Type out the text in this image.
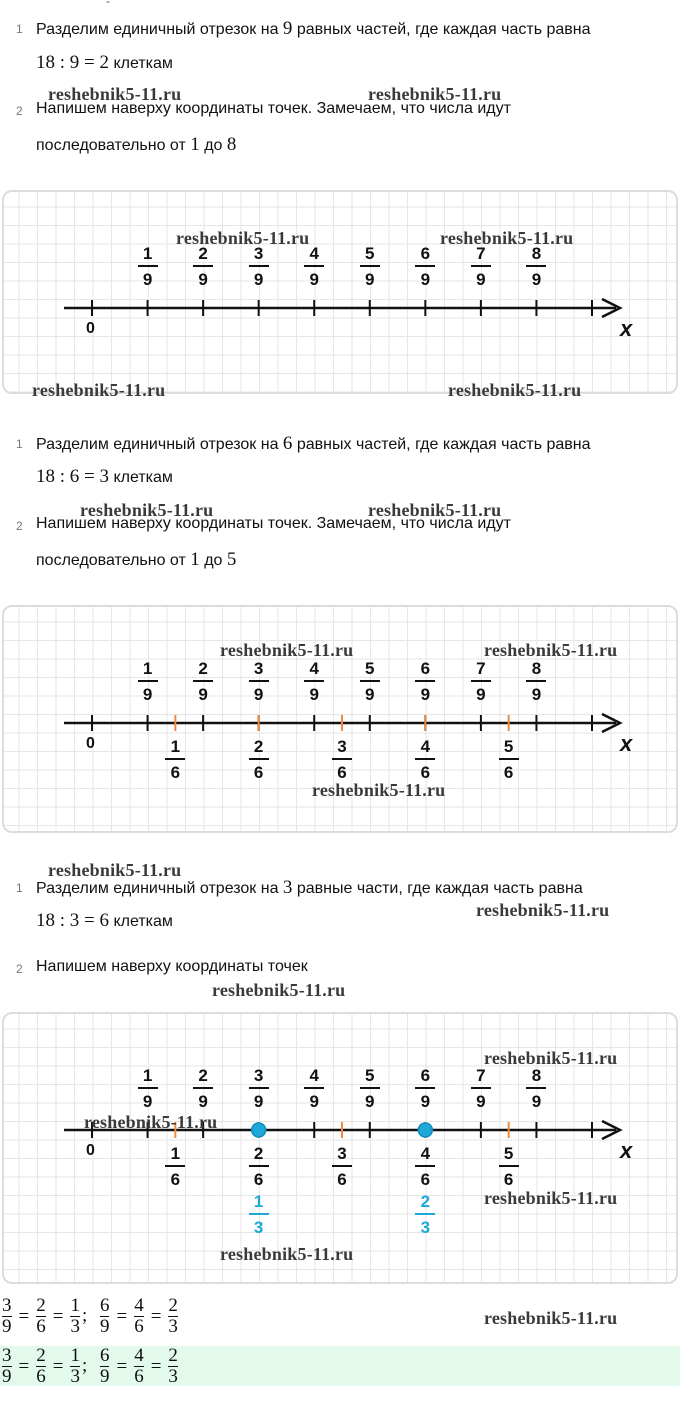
-
1 Разделим единичный отрезок на 9 равных частей, где каждая часть равна
18 : 9 = 2 клеткам
2 Напишем наверху координаты точек. Замечаем, что числа идут
последовательно от 1 до 8
1
9
2
9
3
9
4
9
5
9
6
9
7
9
8
9
0	x
1 Разделим единичный отрезок на 6 равных частей, где каждая часть равна
18 : 6 = 3 клеткам
2 Напишем наверху координаты точек. Замечаем, что числа идут
последовательно от 1 до 5
1
9
2
9
3
9
4
9
5
9
6
9
7
9
8
9
0	x
1
6
2
6
3
6
4
6
5
6
1 Разделим единичный отрезок на 3 равные части, где каждая часть равна
18 : 3 = 6 клеткам
2 Напишем наверху координаты точек
1
9
2
9
3
9
4
9
5
9
6
9
7
9
8
9
0	x
1
6
2
6
3
6
4
6
5
6
1
3
2
3
$\frac{3}{9} = \frac{2}{6} = \frac{1}{3}$ ; $\frac{6}{9} = \frac{4}{6} = \frac{2}{3}$
$\frac{3}{9} = \frac{2}{6} = \frac{1}{3}$ ; $\frac{6}{9} = \frac{4}{6} = \frac{2}{3}$
reshebnik5-11.ru	reshebnik5-11.ru
reshebnik5-11.ru	reshebnik5-11.ru
reshebnik5-11.ru	reshebnik5-11.ru
reshebnik5-11.ru	reshebnik5-11.ru
reshebnik5-11.ru	reshebnik5-11.ru
reshebnik5-11.ru
reshebnik5-11.ru
reshebnik5-11.ru
reshebnik5-11.ru
reshebnik5-11.ru
reshebnik5-11.ru
reshebnik5-11.ru
reshebnik5-11.ru
reshebnik5-11.ru
